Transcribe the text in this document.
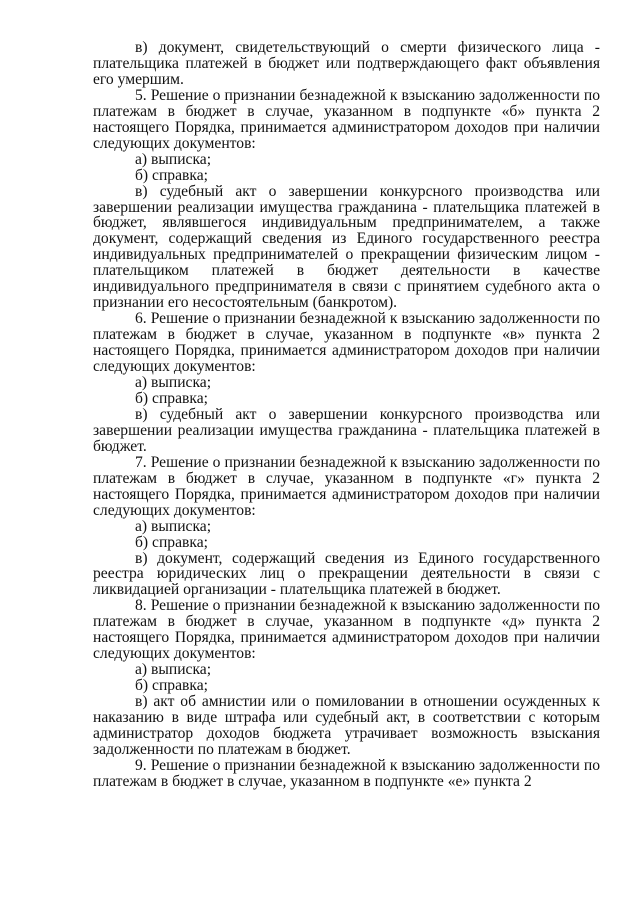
в) документ, свидетельствующий о смерти физического лица - плательщика платежей в бюджет или подтверждающего факт объявления его умершим.

5. Решение о признании безнадежной к взысканию задолженности по платежам в бюджет в случае, указанном в подпункте «б» пункта 2 настоящего Порядка, принимается администратором доходов при наличии следующих документов:

а) выписка;

б) справка;

в) судебный акт о завершении конкурсного производства или завершении реализации имущества гражданина - плательщика платежей в бюджет, являвшегося индивидуальным предпринимателем, а также документ, содержащий сведения из Единого государственного реестра индивидуальных предпринимателей о прекращении физическим лицом - плательщиком платежей в бюджет деятельности в качестве индивидуального предпринимателя в связи с принятием судебного акта о признании его несостоятельным (банкротом).

6. Решение о признании безнадежной к взысканию задолженности по платежам в бюджет в случае, указанном в подпункте «в» пункта 2 настоящего Порядка, принимается администратором доходов при наличии следующих документов:

а) выписка;

б) справка;

в) судебный акт о завершении конкурсного производства или завершении реализации имущества гражданина - плательщика платежей в бюджет.

7. Решение о признании безнадежной к взысканию задолженности по платежам в бюджет в случае, указанном в подпункте «г» пункта 2 настоящего Порядка, принимается администратором доходов при наличии следующих документов:

а) выписка;

б) справка;

в) документ, содержащий сведения из Единого государственного реестра юридических лиц о прекращении деятельности в связи с ликвидацией организации - плательщика платежей в бюджет.

8. Решение о признании безнадежной к взысканию задолженности по платежам в бюджет в случае, указанном в подпункте «д» пункта 2 настоящего Порядка, принимается администратором доходов при наличии следующих документов:

а) выписка;

б) справка;

в) акт об амнистии или о помиловании в отношении осужденных к наказанию в виде штрафа или судебный акт, в соответствии с которым администратор доходов бюджета утрачивает возможность взыскания задолженности по платежам в бюджет.

9. Решение о признании безнадежной к взысканию задолженности по платежам в бюджет в случае, указанном в подпункте «е» пункта 2
